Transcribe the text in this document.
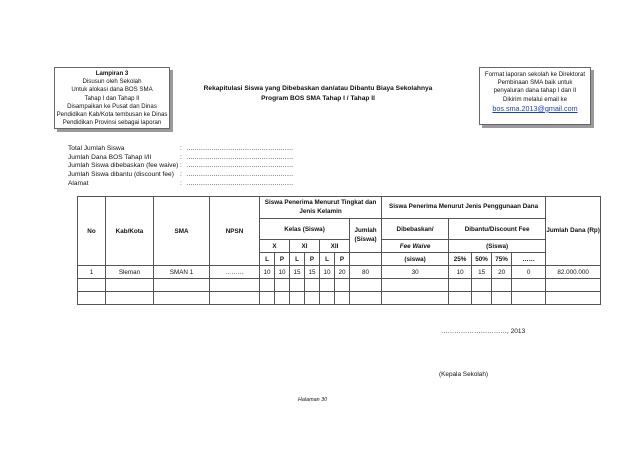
Lampiran 3
Disusun oleh Sekolah
Untuk alokasi dana BOS SMA
Tahap I dan Tahap II
Disampaikan ke Pusat dan Dinas
Pendidikan Kab/Kota tembusan ke Dinas
Pendidikan Provinsi sebagai laporan
Rekapitulasi Siswa yang Dibebaskan dan/atau Dibantu Biaya Sekolahnya
Program BOS SMA Tahap I / Tahap II
Format laporan sekolah ke Direktorat
Pembinaan SMA baik untuk
penyaluran dana tahap I dan II
Dikirim melalui email ke
bos.sma.2013@gmail.com
Total Jumlah Siswa	: ……………………………………………
Jumlah Dana BOS Tahap I/II	: ……………………………………………
Jumlah Siswa dibebaskan (fee waive) : ……………………………………………
Jumlah Siswa dibantu (discount fee) : ……………………………………………
Alamat	: ……………………………………………
No	Kab/Kota	SMA	NPSN	Siswa Penerima Menurut Tingkat dan Jenis Kelamin							Siswa Penerima Menurut Jenis Penggunaan Dana					Jumlah Dana (Rp)
				Kelas (Siswa)						Jumlah (Siswa)	Dibebaskan/	Dibantu/Discount Fee				
				X		XI		XII			Fee Waive	(Siswa)				
				L	P	L	P	L	P		(siswa)	25%	50%	75%	……	
1	Sleman	SMAN 1	………	10	10	15	15	10	20	80	30	10	15	20	0	82.000.000

…………………………, 2013
(Kepala Sekolah)
Halaman 30
